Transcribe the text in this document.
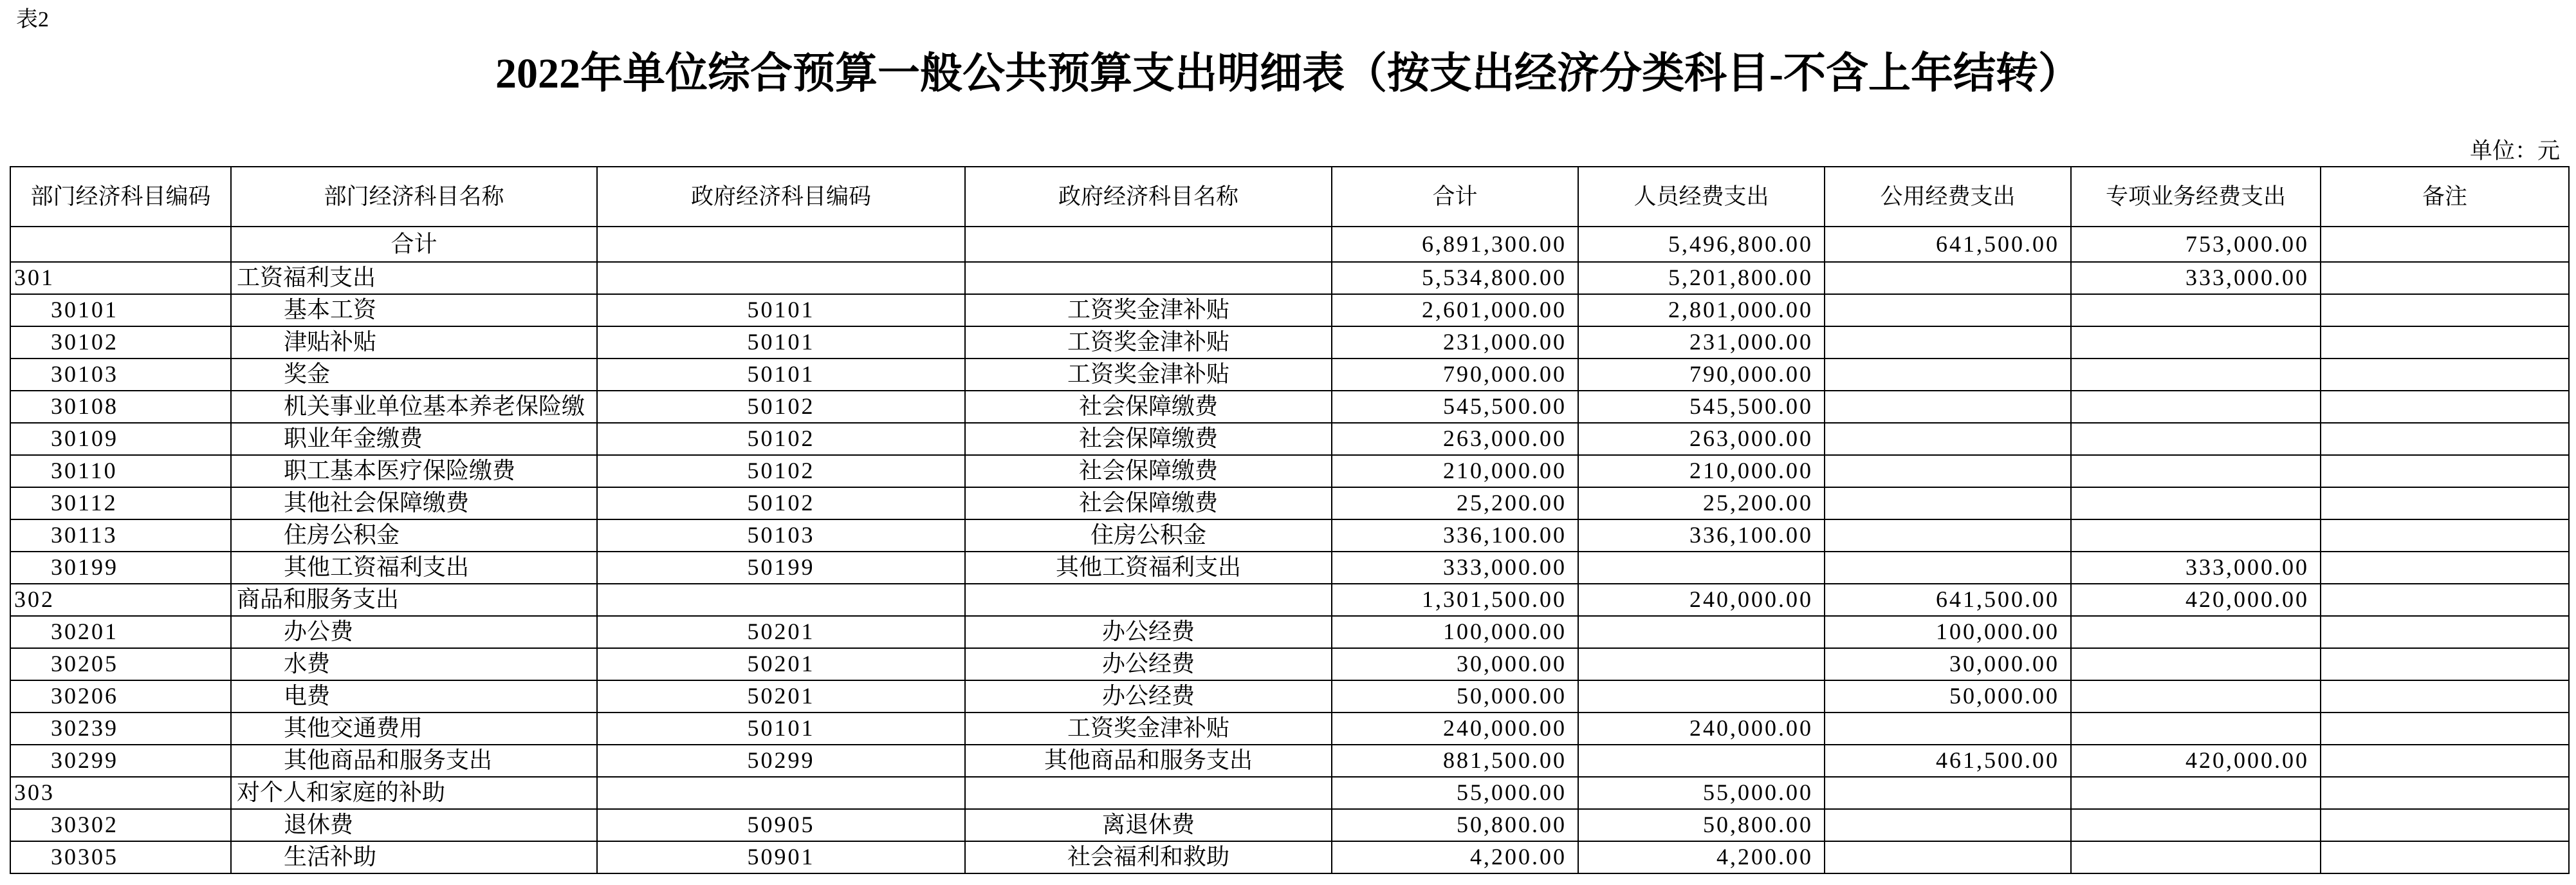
表2
2022年单位综合预算一般公共预算支出明细表（按支出经济分类科目-不含上年结转）
单位：元
部门经济科目编码	部门经济科目名称	政府经济科目编码	政府经济科目名称	合计	人员经费支出	公用经费支出	专项业务经费支出	备注
	合计			6,891,300.00	5,496,800.00	641,500.00	753,000.00	
301	工资福利支出			5,534,800.00	5,201,800.00		333,000.00	
30101	基本工资	50101	工资奖金津补贴	2,601,000.00	2,801,000.00			
30102	津贴补贴	50101	工资奖金津补贴	231,000.00	231,000.00			
30103	奖金	50101	工资奖金津补贴	790,000.00	790,000.00			
30108	机关事业单位基本养老保险缴	50102	社会保障缴费	545,500.00	545,500.00			
30109	职业年金缴费	50102	社会保障缴费	263,000.00	263,000.00			
30110	职工基本医疗保险缴费	50102	社会保障缴费	210,000.00	210,000.00			
30112	其他社会保障缴费	50102	社会保障缴费	25,200.00	25,200.00			
30113	住房公积金	50103	住房公积金	336,100.00	336,100.00			
30199	其他工资福利支出	50199	其他工资福利支出	333,000.00			333,000.00	
302	商品和服务支出			1,301,500.00	240,000.00	641,500.00	420,000.00	
30201	办公费	50201	办公经费	100,000.00		100,000.00		
30205	水费	50201	办公经费	30,000.00		30,000.00		
30206	电费	50201	办公经费	50,000.00		50,000.00		
30239	其他交通费用	50101	工资奖金津补贴	240,000.00	240,000.00			
30299	其他商品和服务支出	50299	其他商品和服务支出	881,500.00		461,500.00	420,000.00	
303	对个人和家庭的补助			55,000.00	55,000.00			
30302	退休费	50905	离退休费	50,800.00	50,800.00			
30305	生活补助	50901	社会福利和救助	4,200.00	4,200.00			
